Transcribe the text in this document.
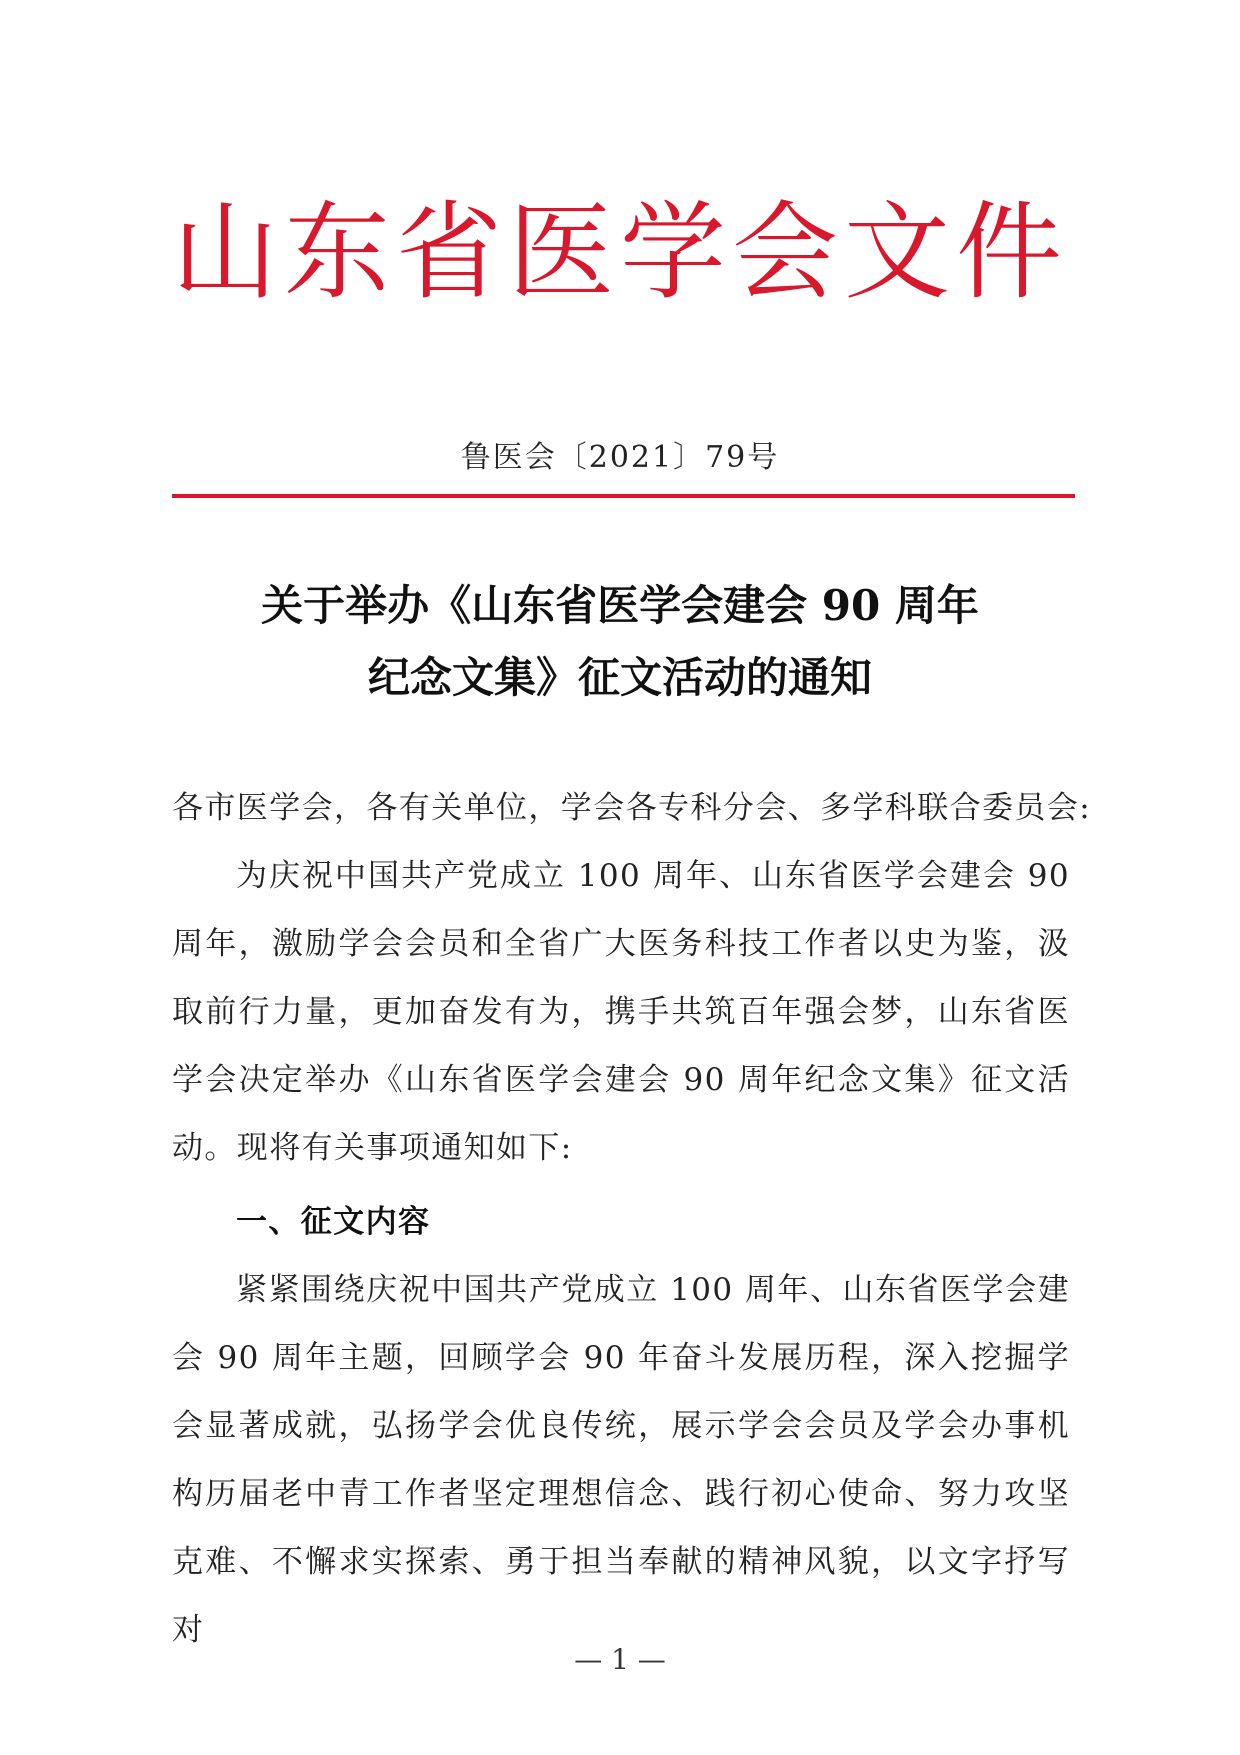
山东省医学会文件
鲁医会〔2021〕79号
关于举办《山东省医学会建会 90 周年
纪念文集》征文活动的通知
各市医学会，各有关单位，学会各专科分会、多学科联合委员会:
为庆祝中国共产党成立 100 周年、山东省医学会建会 90 周年，激励学会会员和全省广大医务科技工作者以史为鉴，汲取前行力量，更加奋发有为，携手共筑百年强会梦，山东省医学会决定举办《山东省医学会建会 90 周年纪念文集》征文活动。现将有关事项通知如下:
一、征文内容
紧紧围绕庆祝中国共产党成立 100 周年、山东省医学会建会 90 周年主题，回顾学会 90 年奋斗发展历程，深入挖掘学会显著成就，弘扬学会优良传统，展示学会会员及学会办事机构历届老中青工作者坚定理想信念、践行初心使命、努力攻坚克难、不懈求实探索、勇于担当奉献的精神风貌，以文字抒写对
— 1 —
